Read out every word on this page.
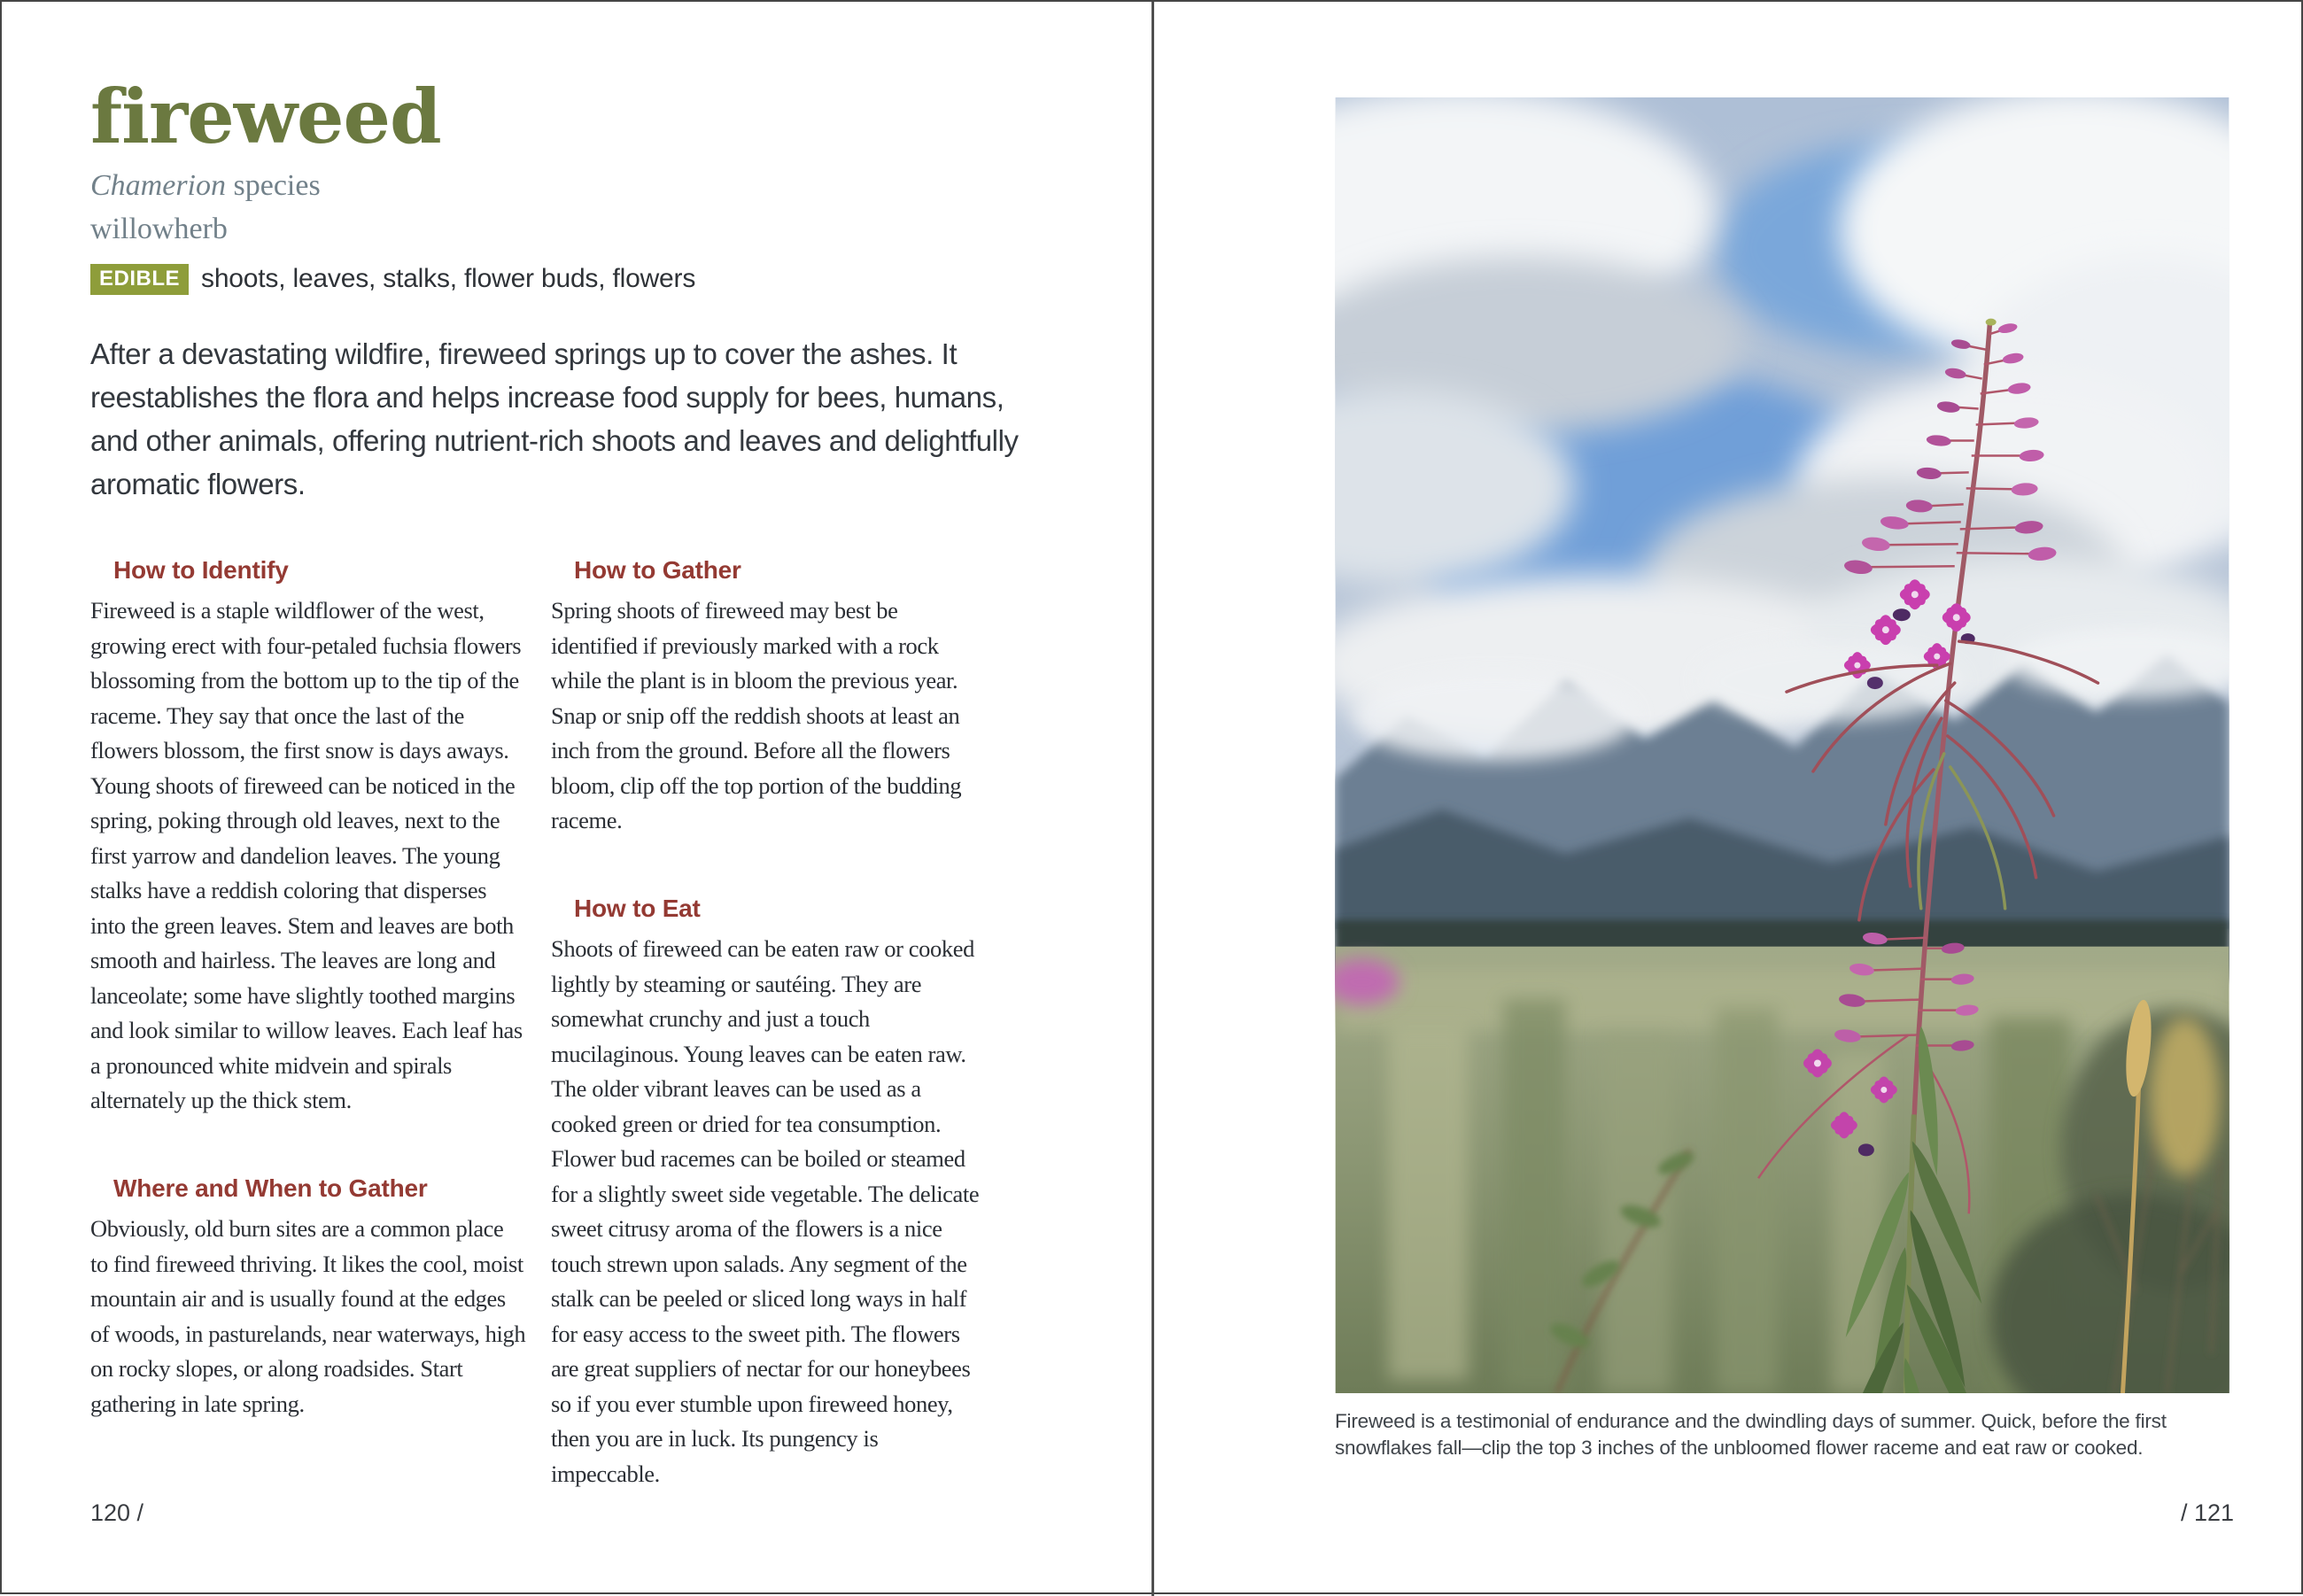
fireweed
Chamerion species
willowherb
EDIBLE shoots, leaves, stalks, flower buds, flowers
After a devastating wildfire, fireweed springs up to cover the ashes. It reestablishes the flora and helps increase food supply for bees, humans, and other animals, offering nutrient-rich shoots and leaves and delightfully aromatic flowers.
How to Identify

Fireweed is a staple wildflower of the west, growing erect with four-petaled fuchsia flowers blossoming from the bottom up to the tip of the raceme. They say that once the last of the flowers blossom, the first snow is days aways. Young shoots of fireweed can be noticed in the spring, poking through old leaves, next to the first yarrow and dandelion leaves. The young stalks have a reddish coloring that disperses into the green leaves. Stem and leaves are both smooth and hairless. The leaves are long and lanceolate; some have slightly toothed margins and look similar to willow leaves. Each leaf has a pronounced white midvein and spirals alternately up the thick stem.

Where and When to Gather

Obviously, old burn sites are a common place to find fireweed thriving. It likes the cool, moist mountain air and is usually found at the edges of woods, in pasturelands, near waterways, high on rocky slopes, or along roadsides. Start gathering in late spring.

How to Gather

Spring shoots of fireweed may best be identified if previously marked with a rock while the plant is in bloom the previous year. Snap or snip off the reddish shoots at least an inch from the ground. Before all the flowers bloom, clip off the top portion of the budding raceme.

How to Eat

Shoots of fireweed can be eaten raw or cooked lightly by steaming or sautéing. They are somewhat crunchy and just a touch mucilaginous. Young leaves can be eaten raw. The older vibrant leaves can be used as a cooked green or dried for tea consumption. Flower bud racemes can be boiled or steamed for a slightly sweet side vegetable. The delicate sweet citrusy aroma of the flowers is a nice touch strewn upon salads. Any segment of the stalk can be peeled or sliced long ways in half for easy access to the sweet pith. The flowers are great suppliers of nectar for our honeybees so if you ever stumble upon fireweed honey, then you are in luck. Its pungency is impeccable.

120 /
Fireweed is a testimonial of endurance and the dwindling days of summer. Quick, before the first snowflakes fall—clip the top 3 inches of the unbloomed flower raceme and eat raw or cooked.
/ 121
